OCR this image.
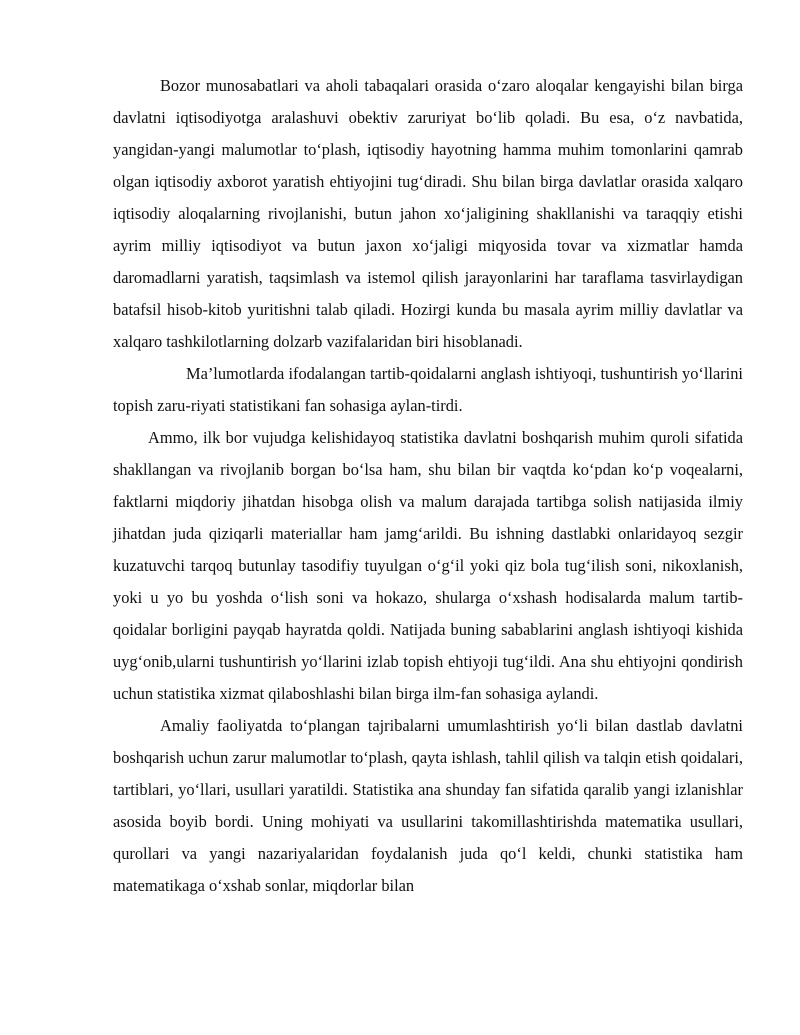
Bozor munosabatlari va aholi tabaqalari orasida o‘zaro aloqalar kengayishi bilan birga davlatni iqtisodiyotga aralashuvi obektiv zaruriyat bo‘lib qoladi. Bu esa, o‘z navbatida, yangidan-yangi malumotlar to‘plash, iqtisodiy hayotning hamma muhim tomonlarini qamrab olgan iqtisodiy axborot yaratish ehtiyojini tug‘diradi. Shu bilan birga davlatlar orasida xalqaro iqtisodiy aloqalarning rivojlanishi, butun jahon xo‘jaligining shakllanishi va taraqqiy etishi ayrim milliy iqtisodiyot va butun jaxon xo‘jaligi miqyosida tovar va xizmatlar hamda daromadlarni yaratish, taqsimlash va istemol qilish jarayonlarini har taraflama tasvirlaydigan batafsil hisob-kitob yuritishni talab qiladi. Hozirgi kunda bu masala ayrim milliy davlatlar va xalqaro tashkilotlarning dolzarb vazifalaridan biri hisoblanadi.

Ma’lumotlarda ifodalangan tartib-qoidalarni anglash ishtiyoqi, tushuntirish yo‘llarini topish zaru-riyati statistikani fan sohasiga aylan-tirdi.

Ammo, ilk bor vujudga kelishidayoq statistika davlatni boshqarish muhim quroli sifatida shakllangan va rivojlanib borgan bo‘lsa ham, shu bilan bir vaqtda ko‘pdan ko‘p voqealarni, faktlarni miqdoriy jihatdan hisobga olish va malum darajada tartibga solish natijasida ilmiy jihatdan juda qiziqarli materiallar ham jamg‘arildi. Bu ishning dastlabki onlaridayoq sezgir kuzatuvchi tarqoq butunlay tasodifiy tuyulgan o‘g‘il yoki qiz bola tug‘ilish soni, nikoxlanish, yoki u yo bu yoshda o‘lish soni va hokazo, shularga o‘xshash hodisalarda malum tartib- qoidalar borligini payqab hayratda qoldi. Natijada buning sabablarini anglash ishtiyoqi kishida uyg‘onib,ularni tushuntirish yo‘llarini izlab topish ehtiyoji tug‘ildi. Ana shu ehtiyojni qondirish uchun statistika xizmat qilaboshlashi bilan birga ilm-fan sohasiga aylandi.

Amaliy faoliyatda to‘plangan tajribalarni umumlashtirish yo‘li bilan dastlab davlatni boshqarish uchun zarur malumotlar to‘plash, qayta ishlash, tahlil qilish va talqin etish qoidalari, tartiblari, yo‘llari, usullari yaratildi. Statistika ana shunday fan sifatida qaralib yangi izlanishlar asosida boyib bordi. Uning mohiyati va usullarini takomillashtirishda matematika usullari, qurollari va yangi nazariyalaridan foydalanish juda qo‘l keldi, chunki statistika ham matematikaga o‘xshab sonlar, miqdorlar bilan
